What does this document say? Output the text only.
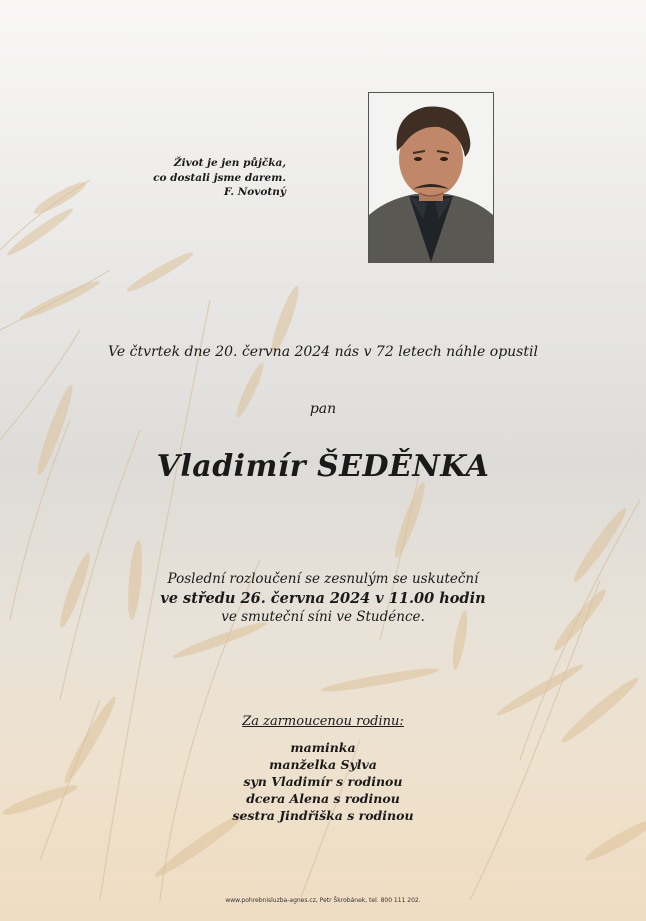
Život je jen půjčka,
co dostali jsme darem.
F. Novotný
Ve čtvrtek dne 20. června 2024 nás v 72 letech náhle opustil
pan
Vladimír ŠEDĚNKA
Poslední rozloučení se zesnulým se uskuteční
ve středu 26. června 2024 v 11.00 hodin
ve smuteční síni ve Studénce.
Za zarmoucenou rodinu:
maminka
manželka Sylva
syn Vladimír s rodinou
dcera Alena s rodinou
sestra Jindřiška s rodinou
www.pohrebnisluzba-agnes.cz, Petr Škrobánek, tel. 800 111 202.
